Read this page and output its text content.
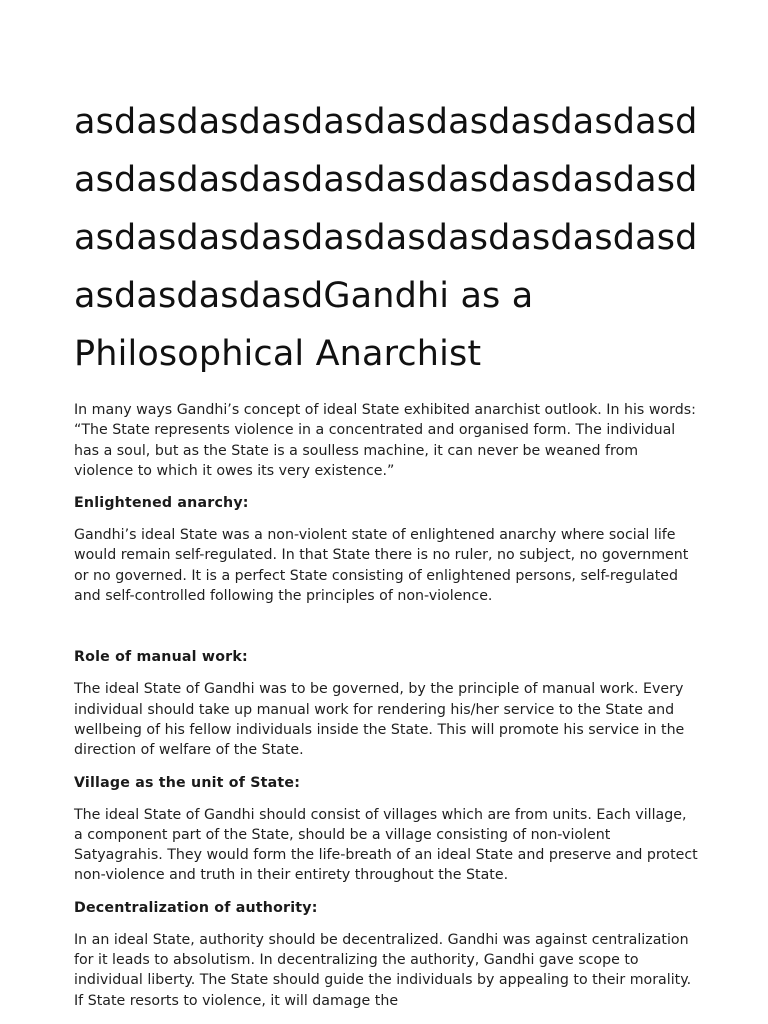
asdasdasdasdasdasdasdasdasdasdasdasdasdasdasdasdasdasdasdasdasdasdasdasdasdasdasdasdasdasdasdasdasdasdGandhi as a Philosophical Anarchist

In many ways Gandhi’s concept of ideal State exhibited anarchist outlook. In his words: “The State represents violence in a concentrated and organised form. The individual has a soul, but as the State is a soulless machine, it can never be weaned from violence to which it owes its very existence.”

Enlightened anarchy:

Gandhi’s ideal State was a non-violent state of enlightened anarchy where social life would remain self-regulated. In that State there is no ruler, no subject, no government or no governed. It is a perfect State consisting of enlightened persons, self-regulated and self-controlled following the principles of non-violence.

Role of manual work:

The ideal State of Gandhi was to be governed, by the principle of manual work. Every individual should take up manual work for rendering his/her service to the State and wellbeing of his fellow individuals inside the State. This will promote his service in the direction of welfare of the State.

Village as the unit of State:

The ideal State of Gandhi should consist of villages which are from units. Each village, a component part of the State, should be a village consisting of non-violent Satyagrahis. They would form the life-breath of an ideal State and preserve and protect non-violence and truth in their entirety throughout the State.

Decentralization of authority:

In an ideal State, authority should be decentralized. Gandhi was against centralization for it leads to absolutism. In decentralizing the authority, Gandhi gave scope to individual liberty. The State should guide the individuals by appealing to their morality. If State resorts to violence, it will damage the
